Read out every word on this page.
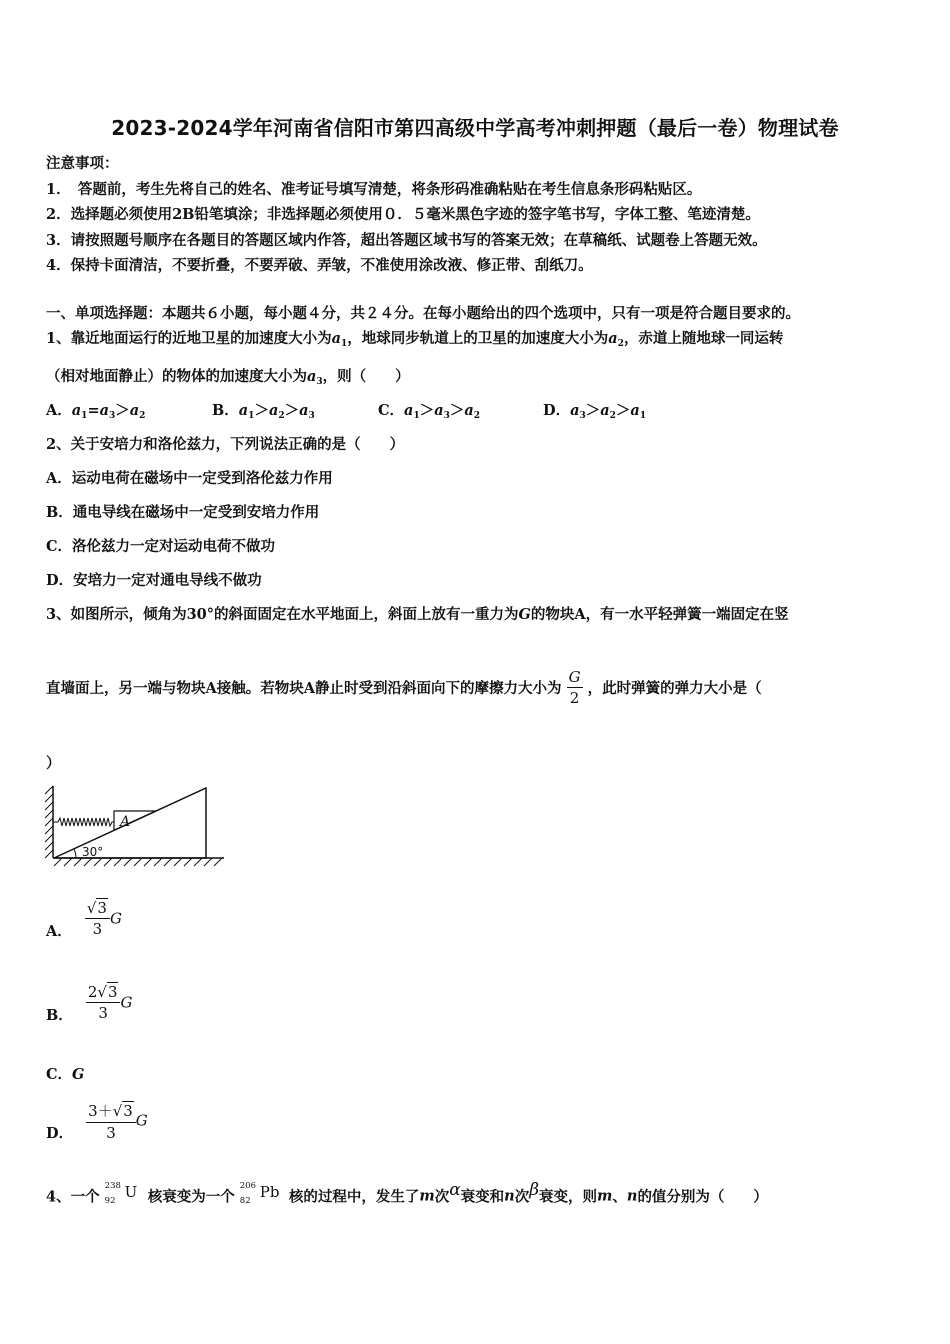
2023-2024学年河南省信阳市第四高级中学高考冲刺押题（最后一卷）物理试卷
注意事项：
1．　答题前，考生先将自己的姓名、准考证号填写清楚，将条形码准确粘贴在考生信息条形码粘贴区。
2．选择题必须使用2B铅笔填涂；非选择题必须使用０．５毫米黑色字迹的签字笔书写，字体工整、笔迹清楚。
3．请按照题号顺序在各题目的答题区域内作答，超出答题区域书写的答案无效；在草稿纸、试题卷上答题无效。
4．保持卡面清洁，不要折叠，不要弄破、弄皱，不准使用涂改液、修正带、刮纸刀。
一、单项选择题：本题共６小题，每小题４分，共２４分。在每小题给出的四个选项中，只有一项是符合题目要求的。
1、靠近地面运行的近地卫星的加速度大小为$a_1$，地球同步轨道上的卫星的加速度大小为$a_2$，赤道上随地球一同运转
（相对地面静止）的物体的加速度大小为$a_3$，则（　　）
A．$a_1=a_3>a_2$	B．$a_1>a_2>a_3$	C．$a_1>a_3>a_2$	D．$a_3>a_2>a_1$
2、关于安培力和洛伦兹力，下列说法正确的是（　　）
A．运动电荷在磁场中一定受到洛伦兹力作用
B．通电导线在磁场中一定受到安培力作用
C．洛伦兹力一定对运动电荷不做功
D．安培力一定对通电导线不做功
3、如图所示，倾角为30°的斜面固定在水平地面上，斜面上放有一重力为G的物块A，有一水平轻弹簧一端固定在竖
直墙面上，另一端与物块A接触。若物块A静止时受到沿斜面向下的摩擦力大小为 $\frac{G}{2}$ ，此时弹簧的弹力大小是（
）
A
30°
A． $\frac{√3}{3}$ G
B． $\frac{2√3}{3}$ G
C．G
D． $\frac{3+√3}{3}$ G
4、一个
238
92 U 核衰变为一个
206
82 Pb 核的过程中，发生了m次α衰变和n次β衰变，则m、n的值分别为（　　）
